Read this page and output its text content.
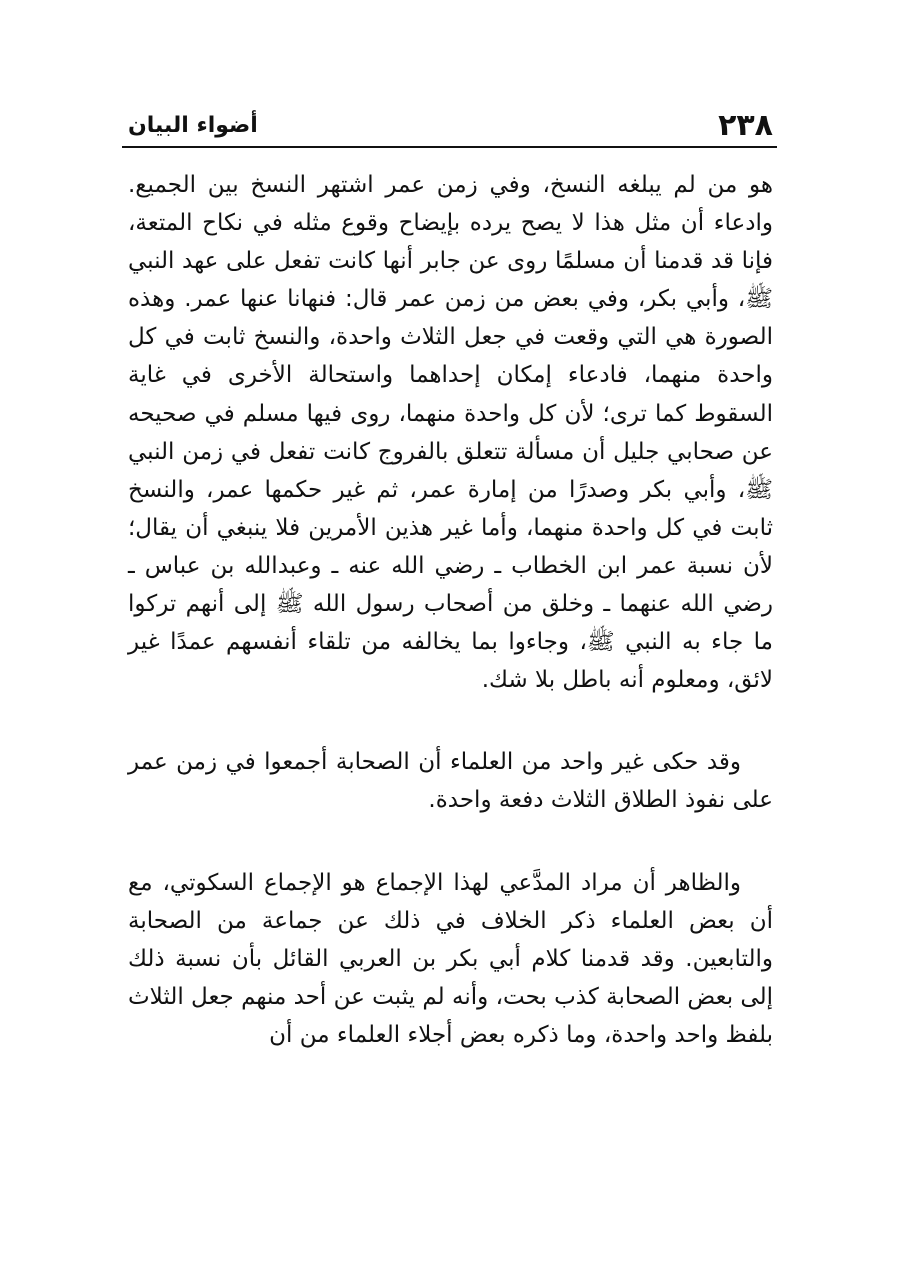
٢٣٨
أضواء البيان

هو من لم يبلغه النسخ، وفي زمن عمر اشتهر النسخ بين الجميع. وادعاء أن مثل هذا لا يصح يرده بإيضاح وقوع مثله في نكاح المتعة، فإنا قد قدمنا أن مسلمًا روى عن جابر أنها كانت تفعل على عهد النبي ﷺ، وأبي بكر، وفي بعض من زمن عمر قال: فنهانا عنها عمر. وهذه الصورة هي التي وقعت في جعل الثلاث واحدة، والنسخ ثابت في كل واحدة منهما، فادعاء إمكان إحداهما واستحالة الأخرى في غاية السقوط كما ترى؛ لأن كل واحدة منهما، روى فيها مسلم في صحيحه عن صحابي جليل أن مسألة تتعلق بالفروج كانت تفعل في زمن النبي ﷺ، وأبي بكر وصدرًا من إمارة عمر، ثم غير حكمها عمر، والنسخ ثابت في كل واحدة منهما، وأما غير هذين الأمرين فلا ينبغي أن يقال؛ لأن نسبة عمر ابن الخطاب ـ رضي الله عنه ـ وعبدالله بن عباس ـ رضي الله عنهما ـ وخلق من أصحاب رسول الله ﷺ إلى أنهم تركوا ما جاء به النبي ﷺ، وجاءوا بما يخالفه من تلقاء أنفسهم عمدًا غير لائق، ومعلوم أنه باطل بلا شك.

وقد حكى غير واحد من العلماء أن الصحابة أجمعوا في زمن عمر على نفوذ الطلاق الثلاث دفعة واحدة.

والظاهر أن مراد المدَّعي لهذا الإجماع هو الإجماع السكوتي، مع أن بعض العلماء ذكر الخلاف في ذلك عن جماعة من الصحابة والتابعين. وقد قدمنا كلام أبي بكر بن العربي القائل بأن نسبة ذلك إلى بعض الصحابة كذب بحت، وأنه لم يثبت عن أحد منهم جعل الثلاث بلفظ واحد واحدة، وما ذكره بعض أجلاء العلماء من أن
